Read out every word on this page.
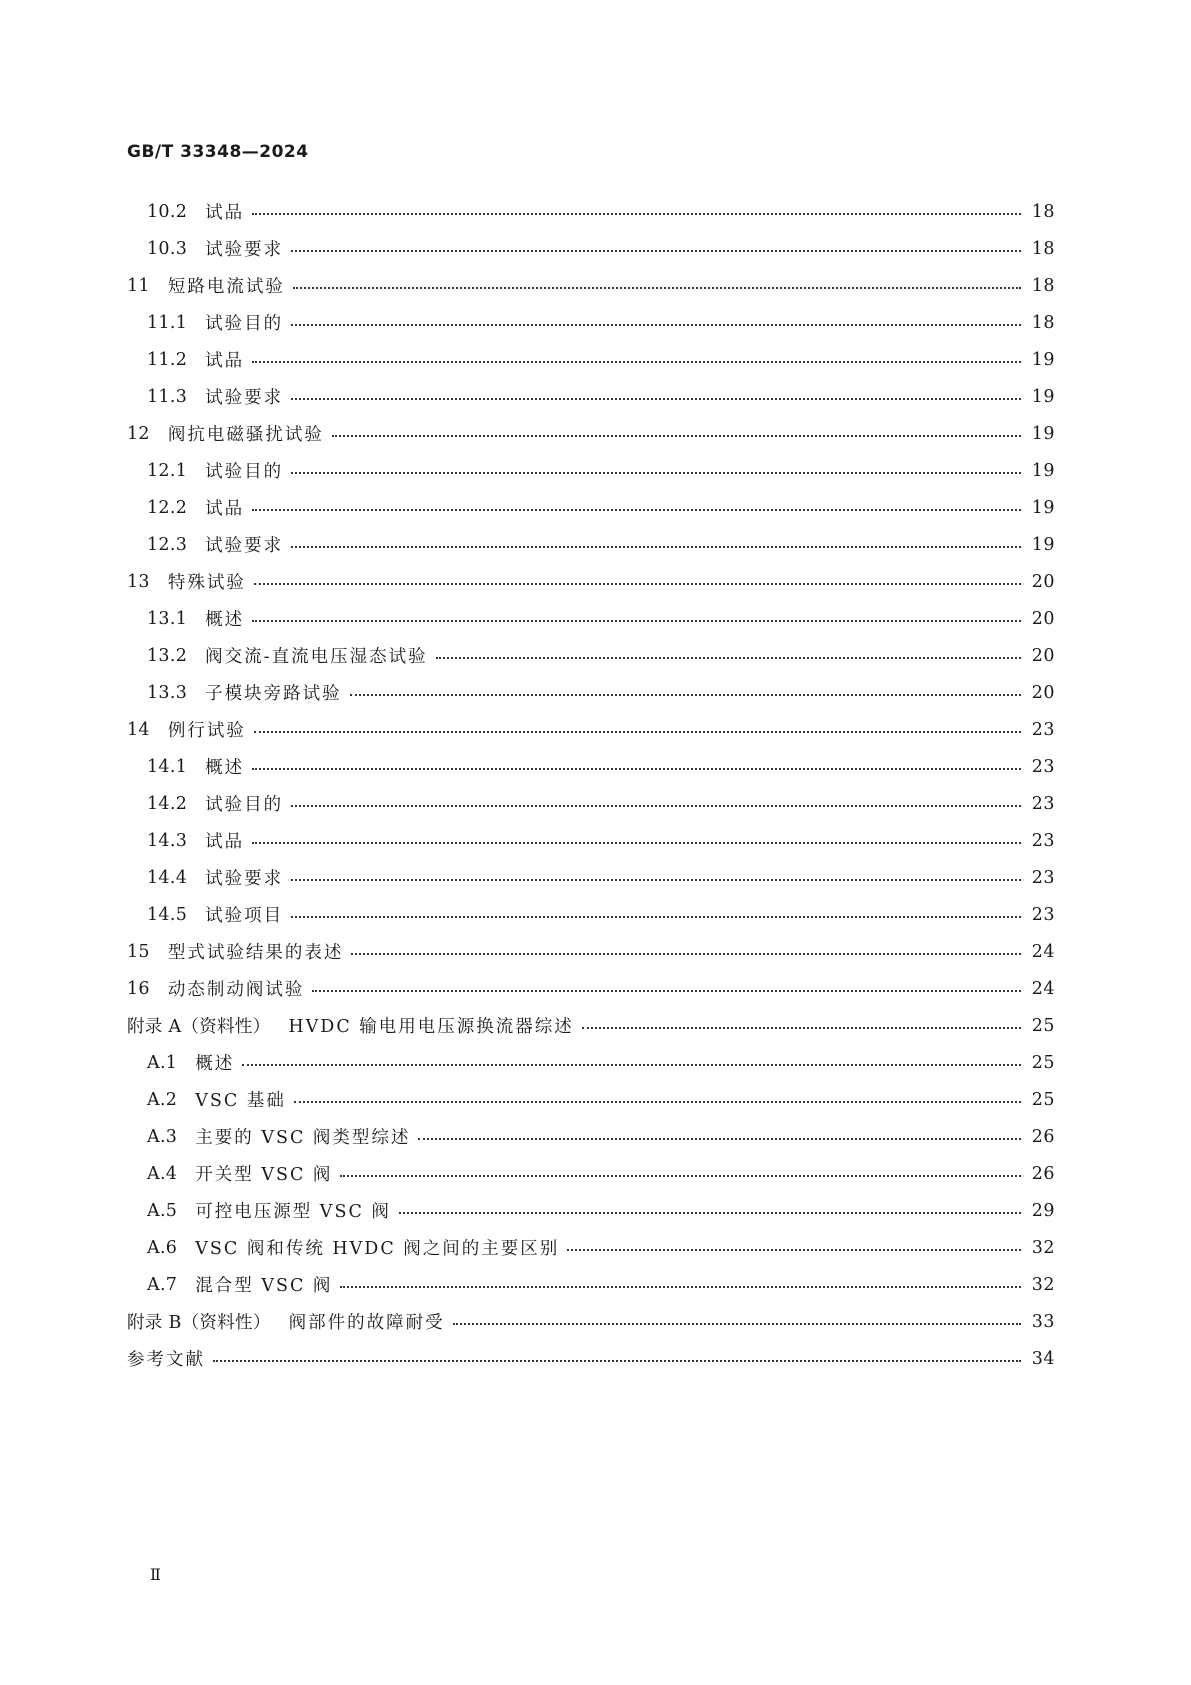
GB/T 33348—2024
10.2 试品	18
10.3 试验要求	18
11 短路电流试验	18
11.1 试验目的	18
11.2 试品	19
11.3 试验要求	19
12 阀抗电磁骚扰试验	19
12.1 试验目的	19
12.2 试品	19
12.3 试验要求	19
13 特殊试验	20
13.1 概述	20
13.2 阀交流-直流电压湿态试验	20
13.3 子模块旁路试验	20
14 例行试验	23
14.1 概述	23
14.2 试验目的	23
14.3 试品	23
14.4 试验要求	23
14.5 试验项目	23
15 型式试验结果的表述	24
16 动态制动阀试验	24
附录 A（资料性） HVDC 输电用电压源换流器综述	25
A.1 概述	25
A.2 VSC 基础	25
A.3 主要的 VSC 阀类型综述	26
A.4 开关型 VSC 阀	26
A.5 可控电压源型 VSC 阀	29
A.6 VSC 阀和传统 HVDC 阀之间的主要区别	32
A.7 混合型 VSC 阀	32
附录 B（资料性） 阀部件的故障耐受	33
参考文献	34
Ⅱ
